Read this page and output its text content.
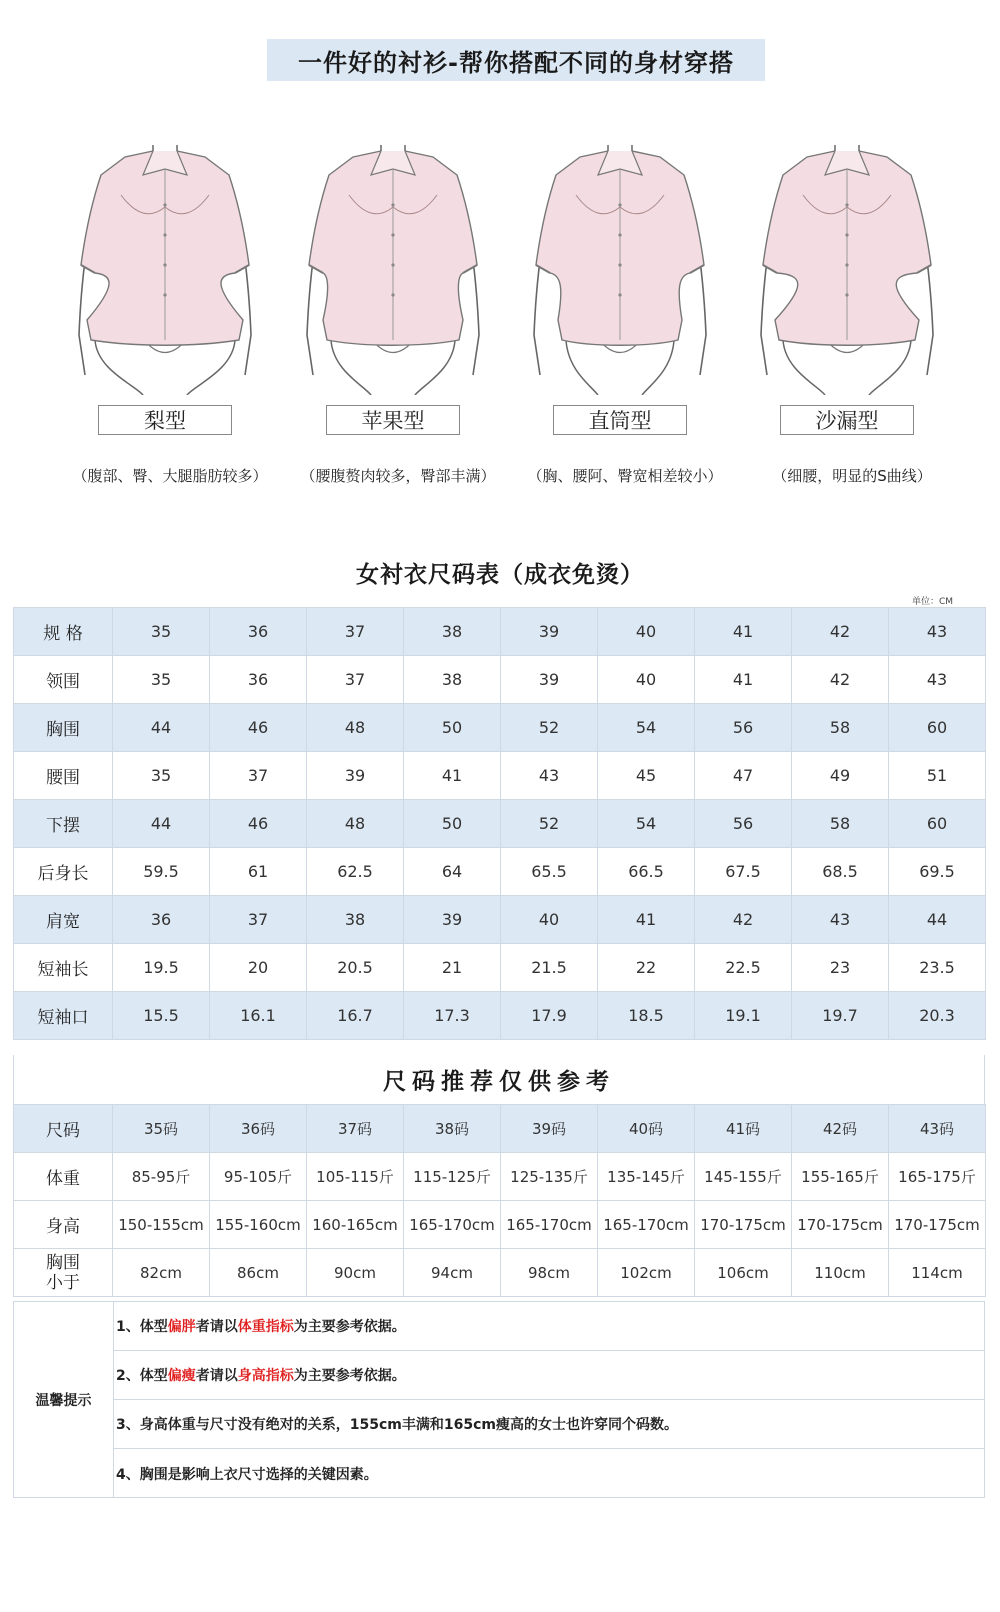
一件好的衬衫-帮你搭配不同的身材穿搭
梨型
（腹部、臀、大腿脂肪较多）
苹果型
（腰腹赘肉较多，臀部丰满）
直筒型
（胸、腰阿、臀宽相差较小）
沙漏型
（细腰，明显的S曲线）
女衬衣尺码表（成衣免烫）
单位：CM
规 格	35	36	37	38	39	40	41	42	43
领围	35	36	37	38	39	40	41	42	43
胸围	44	46	48	50	52	54	56	58	60
腰围	35	37	39	41	43	45	47	49	51
下摆	44	46	48	50	52	54	56	58	60
后身长	59.5	61	62.5	64	65.5	66.5	67.5	68.5	69.5
肩宽	36	37	38	39	40	41	42	43	44
短袖长	19.5	20	20.5	21	21.5	22	22.5	23	23.5
短袖口	15.5	16.1	16.7	17.3	17.9	18.5	19.1	19.7	20.3
尺码推荐仅供参考
尺码	35码	36码	37码	38码	39码	40码	41码	42码	43码
体重	85-95斤	95-105斤	105-115斤	115-125斤	125-135斤	135-145斤	145-155斤	155-165斤	165-175斤
身高	150-155cm	155-160cm	160-165cm	165-170cm	165-170cm	165-170cm	170-175cm	170-175cm	170-175cm

胸围
小于	82cm	86cm	90cm	94cm	98cm	102cm	106cm	110cm	114cm
温馨提示
1、体型 偏胖 者请以 体重指标 为主要参考依据。
2、体型 偏瘦 者请以 身高指标 为主要参考依据。
3、身高体重与尺寸没有绝对的关系，155cm丰满和165cm瘦高的女士也许穿同个码数。
4、胸围是影响上衣尺寸选择的关键因素。
